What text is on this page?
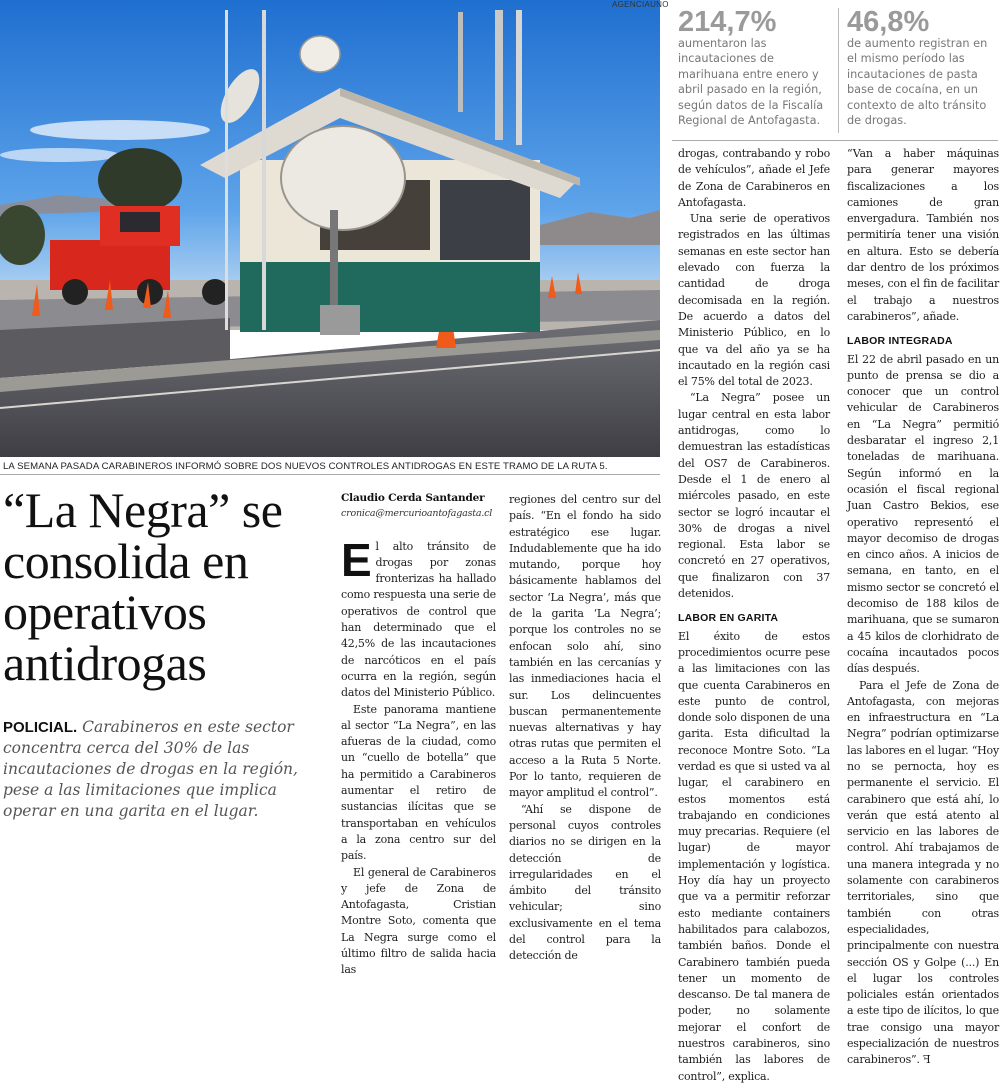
AGENCIAUNO
LA SEMANA PASADA CARABINEROS INFORMÓ SOBRE DOS NUEVOS CONTROLES ANTIDROGAS EN ESTE TRAMO DE LA RUTA 5.
“La Negra” se consolida en operativos antidrogas
POLICIAL. Carabineros en este sector concentra cerca del 30% de las incautaciones de drogas en la región, pese a las limitaciones que implica operar en una garita en el lugar.
Claudio Cerda Santander
cronica@mercurioantofagasta.cl

El alto tránsito de drogas por zonas fronterizas ha hallado como respuesta una serie de operativos de control que han determinado que el 42,5% de las incautaciones de narcóticos en el país ocurra en la región, según datos del Ministerio Público.

Este panorama mantiene al sector “La Negra”, en las afueras de la ciudad, como un “cuello de botella” que ha permitido a Carabineros aumentar el retiro de sustancias ilícitas que se transportaban en vehículos a la zona centro sur del país.

El general de Carabineros y jefe de Zona de Antofagasta, Cristian Montre Soto, comenta que La Negra surge como el último filtro de salida hacia las

regiones del centro sur del país. “En el fondo ha sido estratégico ese lugar. Indudablemente que ha ido mutando, porque hoy básicamente hablamos del sector ‘La Negra’, más que de la garita ‘La Negra’; porque los controles no se enfocan solo ahí, sino también en las cercanías y las inmediaciones hacia el sur. Los delincuentes buscan permanentemente nuevas alternativas y hay otras rutas que permiten el acceso a la Ruta 5 Norte. Por lo tanto, requieren de mayor amplitud el control”.

“Ahí se dispone de personal cuyos controles diarios no se dirigen en la detección de irregularidades en el ámbito del tránsito vehicular; sino exclusivamente en el tema del control para la detección de

214,7%
aumentaron las incautaciones de marihuana entre enero y abril pasado en la región, según datos de la Fiscalía Regional de Antofagasta.
46,8%
de aumento registran en el mismo período las incautaciones de pasta base de cocaína, en un contexto de alto tránsito de drogas.

drogas, contrabando y robo de vehículos”, añade el Jefe de Zona de Carabineros en Antofagasta.

Una serie de operativos registrados en las últimas semanas en este sector han elevado con fuerza la cantidad de droga decomisada en la región. De acuerdo a datos del Ministerio Público, en lo que va del año ya se ha incautado en la región casi el 75% del total de 2023.

“La Negra” posee un lugar central en esta labor antidrogas, como lo demuestran las estadísticas del OS7 de Carabineros. Desde el 1 de enero al miércoles pasado, en este sector se logró incautar el 30% de drogas a nivel regional. Esta labor se concretó en 27 operativos, que finalizaron con 37 detenidos.

LABOR EN GARITA

El éxito de estos procedimientos ocurre pese a las limitaciones con las que cuenta Carabineros en este punto de control, donde solo disponen de una garita. Esta dificultad la reconoce Montre Soto. “La verdad es que si usted va al lugar, el carabinero en estos momentos está trabajando en condiciones muy precarias. Requiere (el lugar) de mayor implementación y logística. Hoy día hay un proyecto que va a permitir reforzar esto mediante containers habilitados para calabozos, también baños. Donde el Carabinero también pueda tener un momento de descanso. De tal manera de poder, no solamente mejorar el confort de nuestros carabineros, sino también las labores de control”, explica.

“Van a haber máquinas para generar mayores fiscalizaciones a los camiones de gran envergadura. También nos permitiría tener una visión en altura. Esto se debería dar dentro de los próximos meses, con el fin de facilitar el trabajo a nuestros carabineros”, añade.

LABOR INTEGRADA

El 22 de abril pasado en un punto de prensa se dio a conocer que un control vehicular de Carabineros en “La Negra” permitió desbaratar el ingreso 2,1 toneladas de marihuana. Según informó en la ocasión el fiscal regional Juan Castro Bekios, ese operativo representó el mayor decomiso de drogas en cinco años. A inicios de semana, en tanto, en el mismo sector se concretó el decomiso de 188 kilos de marihuana, que se sumaron a 45 kilos de clorhidrato de cocaína incautados pocos días después.

Para el Jefe de Zona de Antofagasta, con mejoras en infraestructura en “La Negra” podrían optimizarse las labores en el lugar. “Hoy no se pernocta, hoy es permanente el servicio. El carabinero que está ahí, lo verán que está atento al servicio en las labores de control. Ahí trabajamos de una manera integrada y no solamente con carabineros territoriales, sino que también con otras especialidades, principalmente con nuestra sección OS y Golpe (...) En el lugar los controles policiales están orientados a este tipo de ilícitos, lo que trae consigo una mayor especialización de nuestros carabineros”. ꟻ
